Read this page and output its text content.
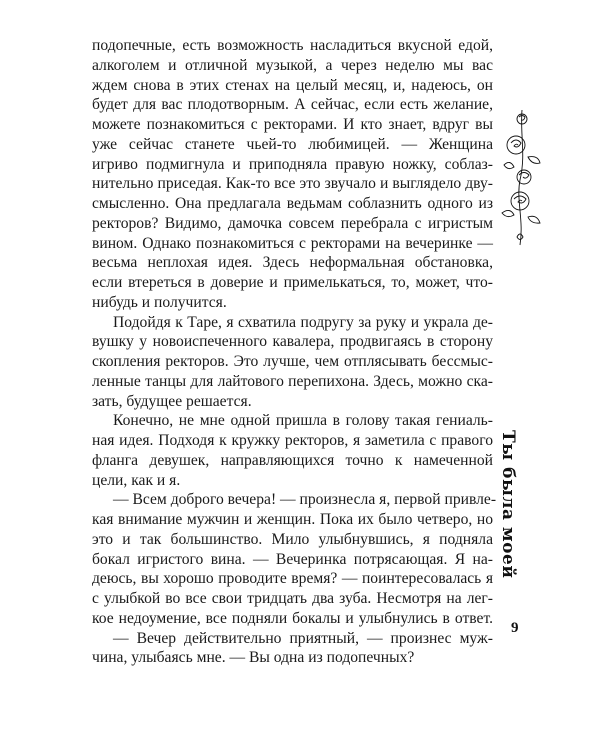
подопечные, есть возможность насладиться вкусной едой,
алкоголем и отличной музыкой, а через неделю мы вас
ждем снова в этих стенах на целый месяц, и, надеюсь, он
будет для вас плодотворным. А сейчас, если есть желание,
можете познакомиться с ректорами. И кто знает, вдруг вы
уже сейчас станете чьей-то любимицей. — Женщина
игриво подмигнула и приподняла правую ножку, соблаз-
нительно приседая. Как-то все это звучало и выглядело дву-
смысленно. Она предлагала ведьмам соблазнить одного из
ректоров? Видимо, дамочка совсем перебрала с игристым
вином. Однако познакомиться с ректорами на вечеринке —
весьма неплохая идея. Здесь неформальная обстановка,
если втереться в доверие и примелькаться, то, может, что-
нибудь и получится.
Подойдя к Таре, я схватила подругу за руку и украла де-
вушку у новоиспеченного кавалера, продвигаясь в сторону
скопления ректоров. Это лучше, чем отплясывать бессмыс-
ленные танцы для лайтового перепихона. Здесь, можно ска-
зать, будущее решается.
Конечно, не мне одной пришла в голову такая гениаль-
ная идея. Подходя к кружку ректоров, я заметила с правого
фланга девушек, направляющихся точно к намеченной
цели, как и я.
— Всем доброго вечера! — произнесла я, первой привле-
кая внимание мужчин и женщин. Пока их было четверо, но
это и так большинство. Мило улыбнувшись, я подняла
бокал игристого вина. — Вечеринка потрясающая. Я на-
деюсь, вы хорошо проводите время? — поинтересовалась я
с улыбкой во все свои тридцать два зуба. Несмотря на лег-
кое недоумение, все подняли бокалы и улыбнулись в ответ.
— Вечер действительно приятный, — произнес муж-
чина, улыбаясь мне. — Вы одна из подопечных?
Ты была моей
9
